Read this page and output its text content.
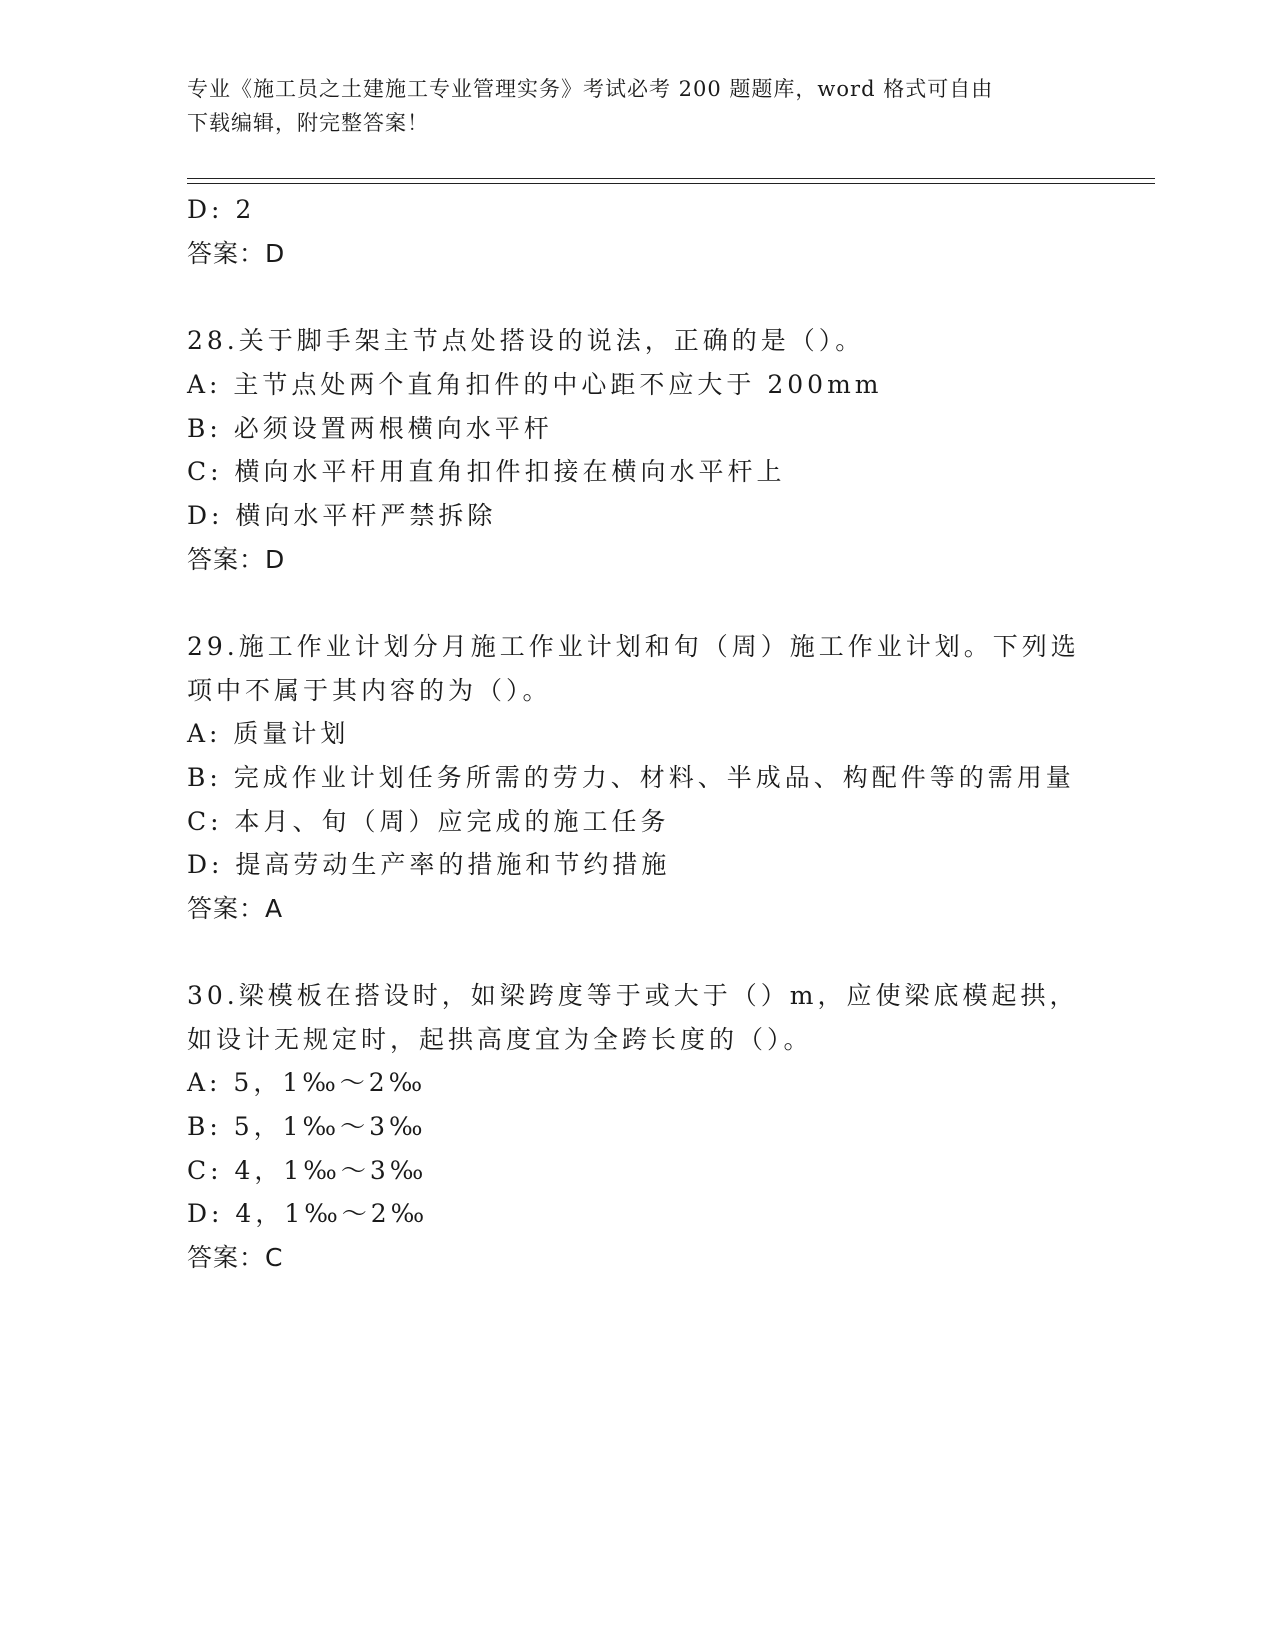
专业《施工员之土建施工专业管理实务》考试必考 200 题题库，word 格式可自由
下载编辑，附完整答案！
D: 2
答案：D
28.关于脚手架主节点处搭设的说法，正确的是（）。
A: 主节点处两个直角扣件的中心距不应大于 200mm
B: 必须设置两根横向水平杆
C: 横向水平杆用直角扣件扣接在横向水平杆上
D: 横向水平杆严禁拆除
答案：D
29.施工作业计划分月施工作业计划和旬（周）施工作业计划。下列选
项中不属于其内容的为（）。
A: 质量计划
B: 完成作业计划任务所需的劳力、材料、半成品、构配件等的需用量
C: 本月、旬（周）应完成的施工任务
D: 提高劳动生产率的措施和节约措施
答案：A
30.梁模板在搭设时，如梁跨度等于或大于（）m，应使梁底模起拱，
如设计无规定时，起拱高度宜为全跨长度的（）。
A: 5，1‰～2‰
B: 5，1‰～3‰
C: 4，1‰～3‰
D: 4，1‰～2‰
答案：C
